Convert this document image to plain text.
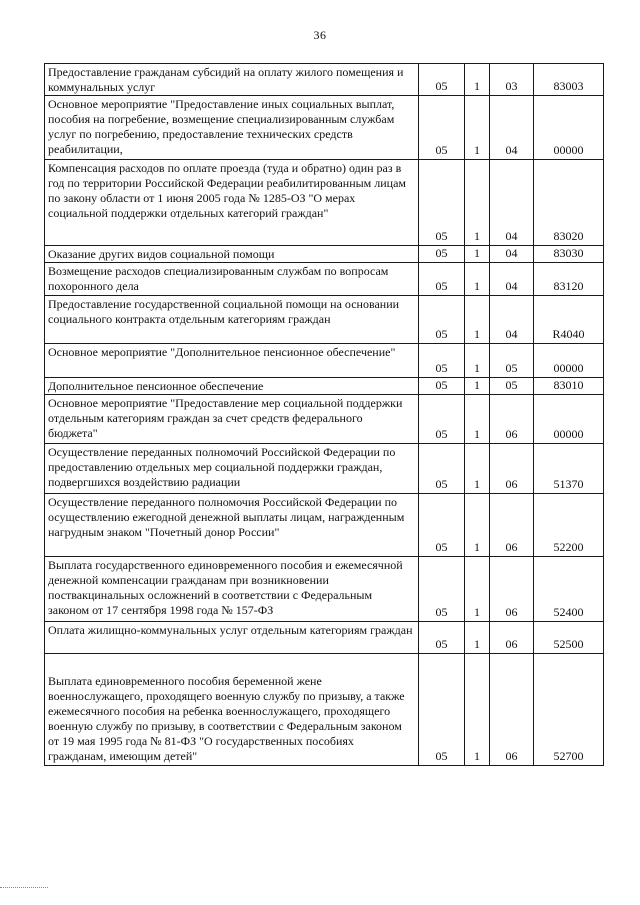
36
Предоставление гражданам субсидий на оплату жилого помещения и коммунальных услуг	05	1	03	83003
Основное мероприятие "Предоставление иных социальных выплат, пособия на погребение, возмещение специализированным службам услуг по погребению, предоставление технических средств реабилитации,	05	1	04	00000
Компенсация расходов по оплате проезда (туда и обратно) один раз в год по территории Российской Федерации реабилитированным лицам по закону области от 1 июня 2005 года № 1285-ОЗ "О мерах социальной поддержки отдельных категорий граждан"	05	1	04	83020
Оказание других видов социальной помощи	05	1	04	83030
Возмещение расходов специализированным службам по вопросам похоронного дела	05	1	04	83120
Предоставление государственной социальной помощи на основании социального контракта отдельным категориям граждан	05	1	04	R4040
Основное мероприятие "Дополнительное пенсионное обеспечение"	05	1	05	00000
Дополнительное пенсионное обеспечение	05	1	05	83010
Основное мероприятие "Предоставление мер социальной поддержки отдельным категориям граждан за счет средств федерального бюджета"	05	1	06	00000
Осуществление переданных полномочий Российской Федерации по предоставлению отдельных мер социальной поддержки граждан, подвергшихся воздействию радиации	05	1	06	51370
Осуществление переданного полномочия Российской Федерации по осуществлению ежегодной денежной выплаты лицам, награжденным нагрудным знаком "Почетный донор России"	05	1	06	52200
Выплата государственного единовременного пособия и ежемесячной денежной компенсации гражданам при возникновении поствакцинальных осложнений в соответствии с Федеральным законом от 17 сентября 1998 года № 157-ФЗ	05	1	06	52400
Оплата жилищно-коммунальных услуг отдельным категориям граждан	05	1	06	52500
Выплата единовременного пособия беременной жене военнослужащего, проходящего военную службу по призыву, а также ежемесячного пособия на ребенка военнослужащего, проходящего военную службу по призыву, в соответствии с Федеральным законом от 19 мая 1995 года № 81-ФЗ "О государственных пособиях гражданам, имеющим детей"	05	1	06	52700
